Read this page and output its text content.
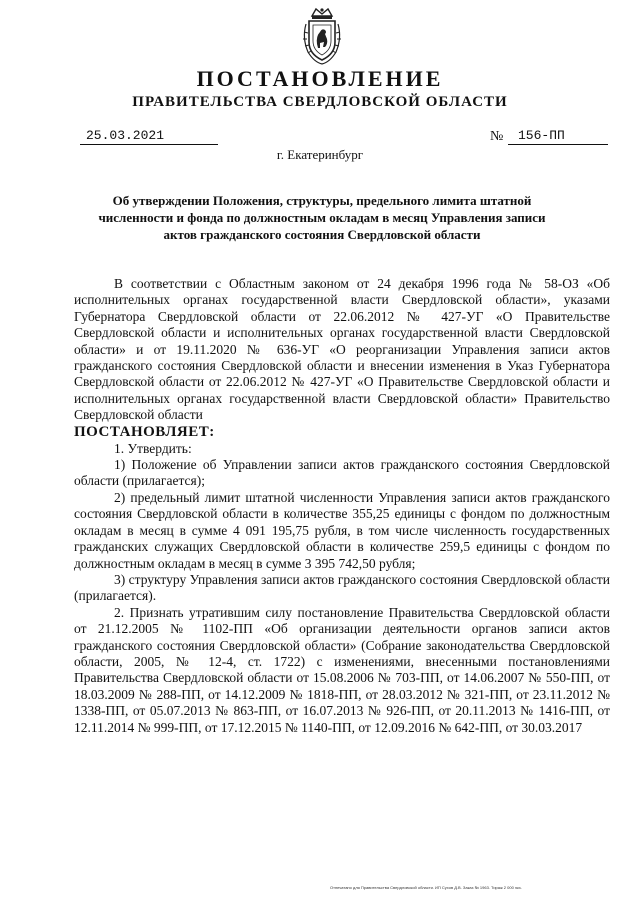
ПОСТАНОВЛЕНИЕ
ПРАВИТЕЛЬСТВА СВЕРДЛОВСКОЙ ОБЛАСТИ
25.03.2021	№	156-ПП
г. Екатеринбург
Об утверждении Положения, структуры, предельного лимита штатной численности и фонда по должностным окладам в месяц Управления записи актов гражданского состояния Свердловской области

В соответствии с Областным законом от 24 декабря 1996 года № 58-ОЗ «Об исполнительных органах государственной власти Свердловской области», указами Губернатора Свердловской области от 22.06.2012 № 427-УГ «О Правительстве Свердловской области и исполнительных органах государственной власти Свердловской области» и от 19.11.2020 № 636-УГ «О реорганизации Управления записи актов гражданского состояния Свердловской области и внесении изменения в Указ Губернатора Свердловской области от 22.06.2012 № 427-УГ «О Правительстве Свердловской области и исполнительных органах государственной власти Свердловской области» Правительство Свердловской области

ПОСТАНОВЛЯЕТ:

1. Утвердить:

1) Положение об Управлении записи актов гражданского состояния Свердловской области (прилагается);

2) предельный лимит штатной численности Управления записи актов гражданского состояния Свердловской области в количестве 355,25 единицы с фондом по должностным окладам в месяц в сумме 4 091 195,75 рубля, в том числе численность государственных гражданских служащих Свердловской области в количестве 259,5 единицы с фондом по должностным окладам в месяц в сумме 3 395 742,50 рубля;

3) структуру Управления записи актов гражданского состояния Свердловской области (прилагается).

2. Признать утратившим силу постановление Правительства Свердловской области от 21.12.2005 № 1102-ПП «Об организации деятельности органов записи актов гражданского состояния Свердловской области» (Собрание законодательства Свердловской области, 2005, № 12-4, ст. 1722) с изменениями, внесенными постановлениями Правительства Свердловской области от 15.08.2006 № 703-ПП, от 14.06.2007 № 550-ПП, от 18.03.2009 № 288-ПП, от 14.12.2009 № 1818-ПП, от 28.03.2012 № 321-ПП, от 23.11.2012 № 1338-ПП, от 05.07.2013 № 863-ПП, от 16.07.2013 № 926-ПП, от 20.11.2013 № 1416-ПП, от 12.11.2014 № 999-ПП, от 17.12.2015 № 1140-ПП, от 12.09.2016 № 642-ПП, от 30.03.2017

Отпечатано для Правительства Свердловской области. ИП Сухов Д.В. Заказ № 1963. Тираж 2 000 экз.
